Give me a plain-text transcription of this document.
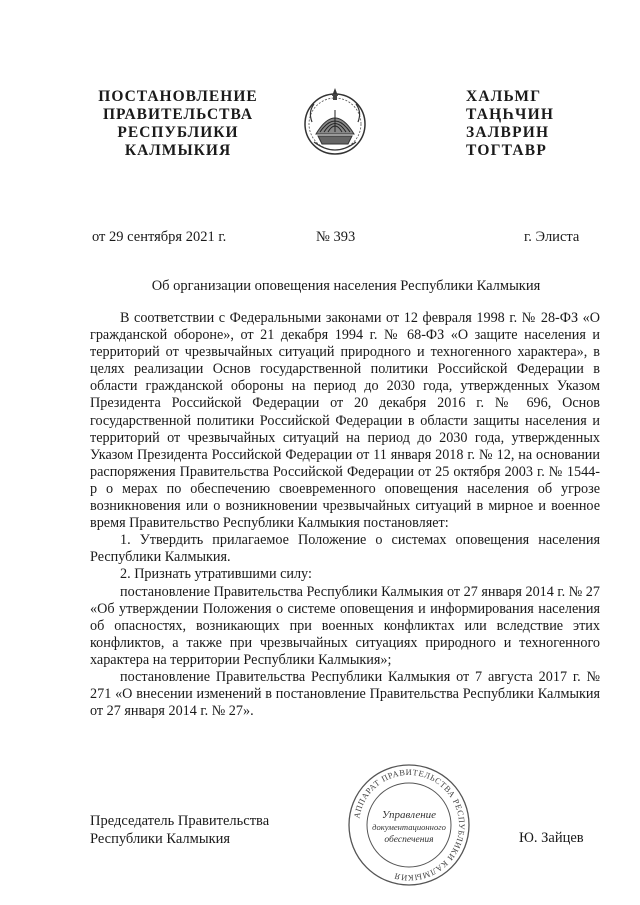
ПОСТАНОВЛЕНИЕ
ПРАВИТЕЛЬСТВА
РЕСПУБЛИКИ
КАЛМЫКИЯ
ХАЛЬМГ
ТАҢҺЧИН
ЗАЛВРИН
ТОГТАВР
от 29 сентября 2021 г.	№ 393	г. Элиста
Об организации оповещения населения Республики Калмыкия

В соответствии с Федеральными законами от 12 февраля 1998 г. № 28-ФЗ «О гражданской обороне», от 21 декабря 1994 г. № 68-ФЗ «О защите населения и территорий от чрезвычайных ситуаций природного и техногенного характера», в целях реализации Основ государственной политики Российской Федерации в области гражданской обороны на период до 2030 года, утвержденных Указом Президента Российской Федерации от 20 декабря 2016 г. № 696, Основ государственной политики Российской Федерации в области защиты населения и территорий от чрезвычайных ситуаций на период до 2030 года, утвержденных Указом Президента Российской Федерации от 11 января 2018 г. № 12, на основании распоряжения Правительства Российской Федерации от 25 октября 2003 г. № 1544-р о мерах по обеспечению своевременного оповещения населения об угрозе возникновения или о возникновении чрезвычайных ситуаций в мирное и военное время Правительство Республики Калмыкия постановляет:

1. Утвердить прилагаемое Положение о системах оповещения населения Республики Калмыкия.

2. Признать утратившими силу:

постановление Правительства Республики Калмыкия от 27 января 2014 г. № 27 «Об утверждении Положения о системе оповещения и информирования населения об опасностях, возникающих при военных конфликтах или вследствие этих конфликтов, а также при чрезвычайных ситуациях природного и техногенного характера на территории Республики Калмыкия»;

постановление Правительства Республики Калмыкия от 7 августа 2017 г. № 271 «О внесении изменений в постановление Правительства Республики Калмыкия от 27 января 2014 г. № 27».

Председатель Правительства
Республики Калмыкия
АППАРАТ ПРАВИТЕЛЬСТВА РЕСПУБЛИКИ КАЛМЫКИЯ
Управление
документационного
обеспечения	Ю. Зайцев
